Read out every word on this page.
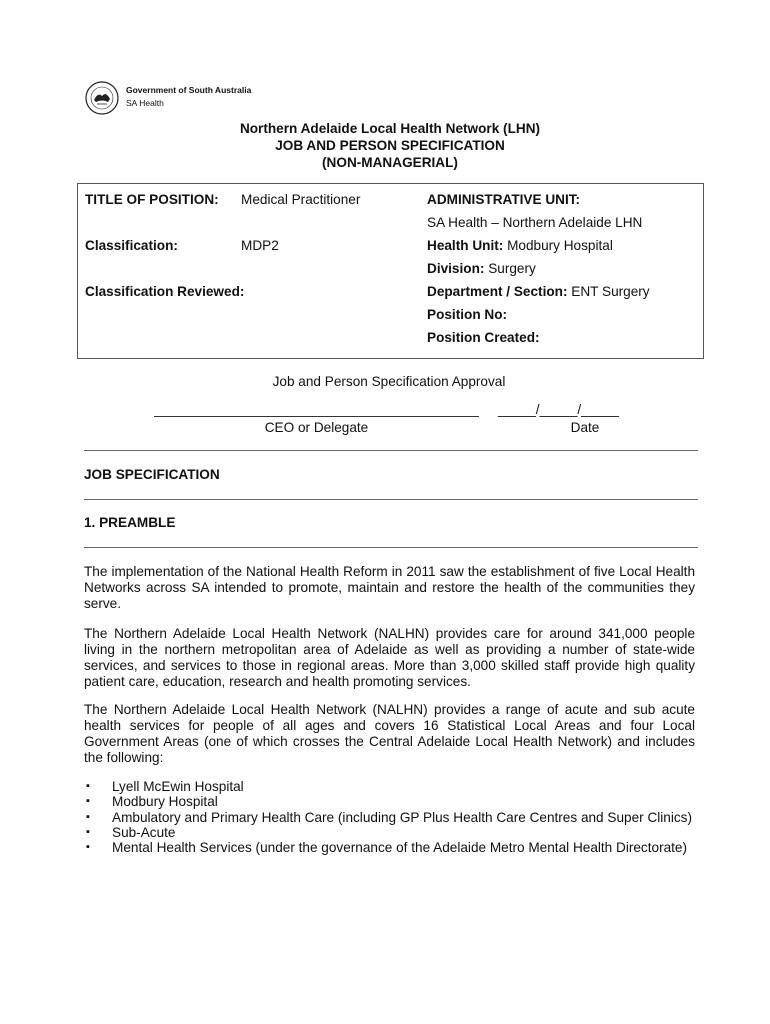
Government of South Australia
SA Health
Northern Adelaide Local Health Network (LHN)
JOB AND PERSON SPECIFICATION
(NON-MANAGERIAL)
TITLE OF POSITION: Medical Practitioner
Classification:	MDP2
Classification Reviewed:
ADMINISTRATIVE UNIT:
SA Health – Northern Adelaide LHN
Health Unit: Modbury Hospital
Division: Surgery
Department / Section: ENT Surgery
Position No:
Position Created:
Job and Person Specification Approval
_____/_____/_____
CEO or Delegate	Date
JOB SPECIFICATION
1. PREAMBLE
The implementation of the National Health Reform in 2011 saw the establishment of five Local Health Networks across SA intended to promote, maintain and restore the health of the communities they serve.
The Northern Adelaide Local Health Network (NALHN) provides care for around 341,000 people living in the northern metropolitan area of Adelaide as well as providing a number of state-wide services, and services to those in regional areas. More than 3,000 skilled staff provide high quality patient care, education, research and health promoting services.
The Northern Adelaide Local Health Network (NALHN) provides a range of acute and sub acute health services for people of all ages and covers 16 Statistical Local Areas and four Local Government Areas (one of which crosses the Central Adelaide Local Health Network) and includes the following:
▪ Lyell McEwin Hospital
▪ Modbury Hospital
▪ Ambulatory and Primary Health Care (including GP Plus Health Care Centres and Super Clinics)
▪ Sub-Acute
▪ Mental Health Services (under the governance of the Adelaide Metro Mental Health Directorate)
